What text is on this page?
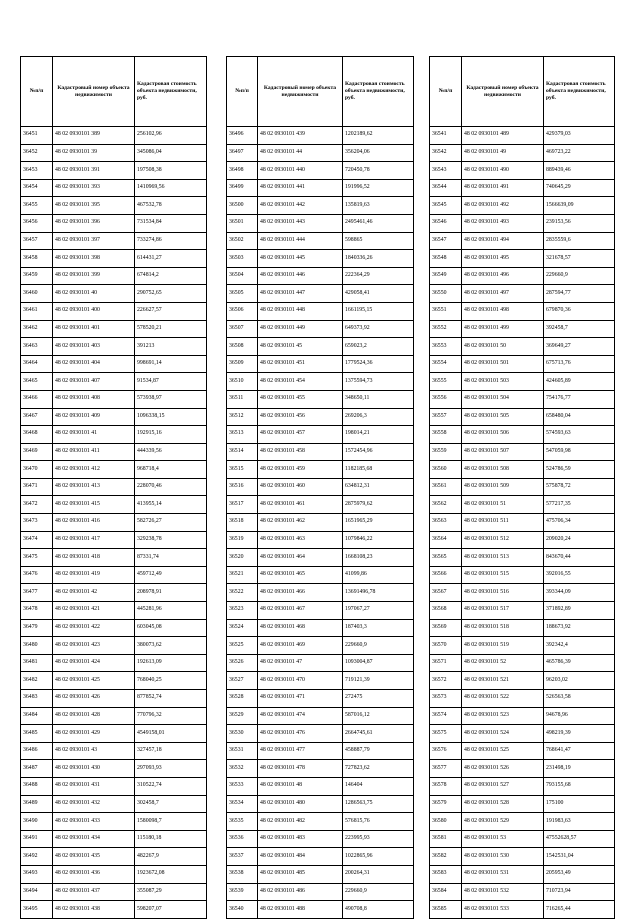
№п/п	Кадастровый номер объекта недвижимости	Кадастровая стоимость объекта недвижимости, руб.
36451	48 02 0930101 389	256102,96
36452	48 02 0930101 39	345086,04
36453	48 02 0930101 391	197508,38
36454	48 02 0930101 393	1410969,56
36455	48 02 0930101 395	467532,78
36456	48 02 0930101 396	731534,84
36457	48 02 0930101 397	733274,86
36458	48 02 0930101 398	614431,27
36459	48 02 0930101 399	674814,2
36460	48 02 0930101 40	290752,65
36461	48 02 0930101 400	226627,57
36462	48 02 0930101 401	578520,21
36463	48 02 0930101 403	391213
36464	48 02 0930101 404	998691,14
36465	48 02 0930101 407	91534,87
36466	48 02 0930101 408	573938,97
36467	48 02 0930101 409	1096338,15
36468	48 02 0930101 41	192915,16
36469	48 02 0930101 411	444339,56
36470	48 02 0930101 412	968718,4
36471	48 02 0930101 413	228070,46
36472	48 02 0930101 415	413955,14
36473	48 02 0930101 416	582726,27
36474	48 02 0930101 417	329238,78
36475	48 02 0930101 418	87331,74
36476	48 02 0930101 419	459712,49
36477	48 02 0930101 42	208978,91
36478	48 02 0930101 421	445281,96
36479	48 02 0930101 422	603045,08
36480	48 02 0930101 423	380073,62
36481	48 02 0930101 424	192613,09
36482	48 02 0930101 425	768040,25
36483	48 02 0930101 426	877852,74
36484	48 02 0930101 428	770796,32
36485	48 02 0930101 429	4549158,01
36486	48 02 0930101 43	327457,18
36487	48 02 0930101 430	297093,93
36488	48 02 0930101 431	310522,74
36489	48 02 0930101 432	302458,7
36490	48 02 0930101 433	1580098,7
36491	48 02 0930101 434	115180,18
36492	48 02 0930101 435	482267,9
36493	48 02 0930101 436	1923672,08
36494	48 02 0930101 437	355087,29
36495	48 02 0930101 438	598207,07
№п/п	Кадастровый номер объекта недвижимости	Кадастровая стоимость объекта недвижимости, руб.
36496	48 02 0930101 439	1202189,62
36497	48 02 0930101 44	356204,06
36498	48 02 0930101 440	720450,78
36499	48 02 0930101 441	191996,52
36500	48 02 0930101 442	135819,63
36501	48 02 0930101 443	2495461,46
36502	48 02 0930101 444	598865
36503	48 02 0930101 445	1840336,26
36504	48 02 0930101 446	222364,29
36505	48 02 0930101 447	429058,41
36506	48 02 0930101 448	1661195,15
36507	48 02 0930101 449	649373,92
36508	48 02 0930101 45	659023,2
36509	48 02 0930101 451	1779524,36
36510	48 02 0930101 454	1375594,73
36511	48 02 0930101 455	348650,11
36512	48 02 0930101 456	269206,3
36513	48 02 0930101 457	198014,21
36514	48 02 0930101 458	1572454,96
36515	48 02 0930101 459	1182185,68
36516	48 02 0930101 460	634812,31
36517	48 02 0930101 461	2875979,62
36518	48 02 0930101 462	1651965,29
36519	48 02 0930101 463	1079846,22
36520	48 02 0930101 464	1668108,23
36521	48 02 0930101 465	41099,86
36522	48 02 0930101 466	13691496,78
36523	48 02 0930101 467	197067,27
36524	48 02 0930101 468	187403,3
36525	48 02 0930101 469	229660,9
36526	48 02 0930101 47	1093004,87
36527	48 02 0930101 470	719121,39
36528	48 02 0930101 471	272475
36529	48 02 0930101 474	587016,12
36530	48 02 0930101 476	2664745,61
36531	48 02 0930101 477	458887,79
36532	48 02 0930101 478	727823,62
36533	48 02 0930101 48	146404
36534	48 02 0930101 480	1286563,75
36535	48 02 0930101 482	576815,76
36536	48 02 0930101 483	223995,93
36537	48 02 0930101 484	1022865,96
36538	48 02 0930101 485	200264,31
36539	48 02 0930101 486	229660,9
36540	48 02 0930101 488	490708,8
№п/п	Кадастровый номер объекта недвижимости	Кадастровая стоимость объекта недвижимости, руб.
36541	48 02 0930101 489	429379,03
36542	48 02 0930101 49	469723,22
36543	48 02 0930101 490	889439,46
36544	48 02 0930101 491	740645,29
36545	48 02 0930101 492	1566639,09
36546	48 02 0930101 493	239153,56
36547	48 02 0930101 494	2835559,6
36548	48 02 0930101 495	321678,57
36549	48 02 0930101 496	229660,9
36550	48 02 0930101 497	287594,77
36551	48 02 0930101 498	679870,36
36552	48 02 0930101 499	392458,7
36553	48 02 0930101 50	369649,27
36554	48 02 0930101 501	675713,76
36555	48 02 0930101 503	424605,89
36556	48 02 0930101 504	754176,77
36557	48 02 0930101 505	658480,04
36558	48 02 0930101 506	574593,63
36559	48 02 0930101 507	547059,98
36560	48 02 0930101 508	524786,59
36561	48 02 0930101 509	575878,72
36562	48 02 0930101 51	577217,35
36563	48 02 0930101 511	475706,34
36564	48 02 0930101 512	209020,24
36565	48 02 0930101 513	843670,44
36566	48 02 0930101 515	392016,55
36567	48 02 0930101 516	393344,09
36568	48 02 0930101 517	371892,89
36569	48 02 0930101 518	188673,92
36570	48 02 0930101 519	392342,4
36571	48 02 0930101 52	465786,39
36572	48 02 0930101 521	96203,02
36573	48 02 0930101 522	526563,58
36574	48 02 0930101 523	94678,96
36575	48 02 0930101 524	498219,39
36576	48 02 0930101 525	768641,47
36577	48 02 0930101 526	231498,19
36578	48 02 0930101 527	793155,68
36579	48 02 0930101 528	175100
36580	48 02 0930101 529	191983,63
36581	48 02 0930101 53	47552628,57
36582	48 02 0930101 530	1542531,04
36583	48 02 0930101 531	205953,49
36584	48 02 0930101 532	710723,94
36585	48 02 0930101 533	716265,44
